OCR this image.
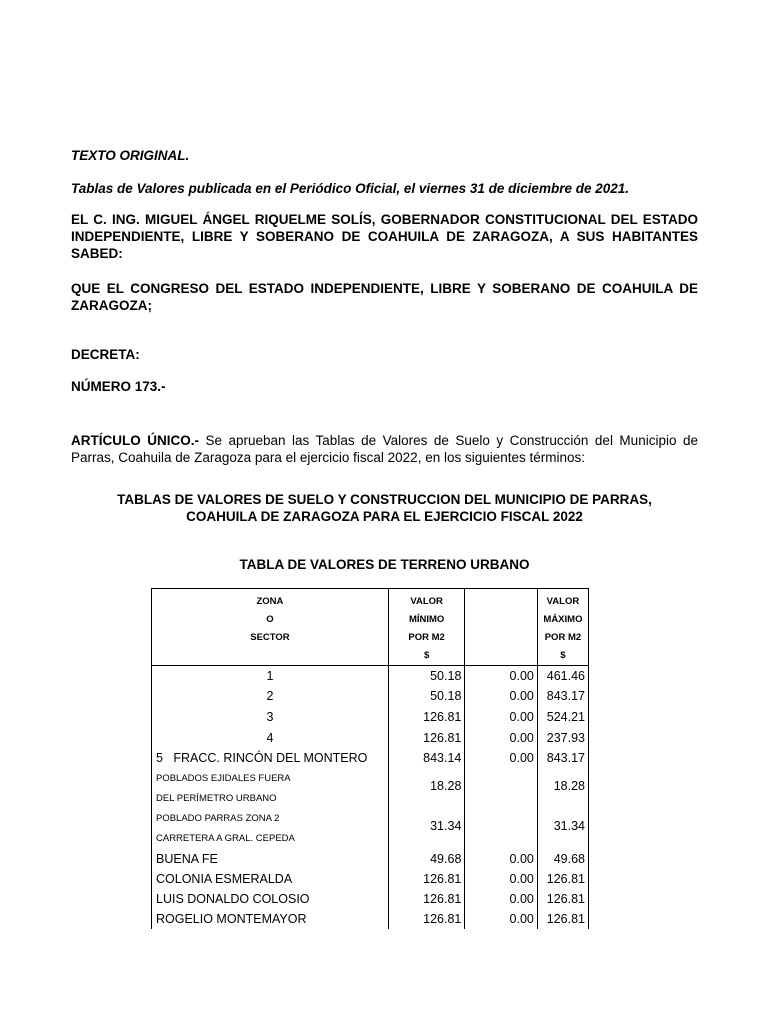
TEXTO ORIGINAL.

Tablas de Valores publicada en el Periódico Oficial, el viernes 31 de diciembre de 2021.

EL C. ING. MIGUEL ÁNGEL RIQUELME SOLÍS, GOBERNADOR CONSTITUCIONAL DEL ESTADO INDEPENDIENTE, LIBRE Y SOBERANO DE COAHUILA DE ZARAGOZA, A SUS HABITANTES SABED:

QUE EL CONGRESO DEL ESTADO INDEPENDIENTE, LIBRE Y SOBERANO DE COAHUILA DE ZARAGOZA;

DECRETA:

NÚMERO 173.-

ARTÍCULO ÚNICO.- Se aprueban las Tablas de Valores de Suelo y Construcción del Municipio de Parras, Coahuila de Zaragoza para el ejercicio fiscal 2022, en los siguientes términos:

TABLAS DE VALORES DE SUELO Y CONSTRUCCION DEL MUNICIPIO DE PARRAS,
COAHUILA DE ZARAGOZA PARA EL EJERCICIO FISCAL 2022

TABLA DE VALORES DE TERRENO URBANO

ZONA
O
SECTOR	VALOR
MÍNIMO
POR M2
$		VALOR
MÁXIMO
POR M2
$

1	50.18	0.00	461.46
2	50.18	0.00	843.17
3	126.81	0.00	524.21
4	126.81	0.00	237.93
5   FRACC. RINCÓN DEL MONTERO	843.14	0.00	843.17

POBLADOS EJIDALES FUERA
DEL PERÍMETRO URBANO	18.28		18.28

POBLADO PARRAS ZONA 2
CARRETERA A GRAL. CEPEDA	31.34		31.34

BUENA FE	49.68	0.00	49.68
COLONIA ESMERALDA	126.81	0.00	126.81
LUIS DONALDO COLOSIO	126.81	0.00	126.81
ROGELIO MONTEMAYOR	126.81	0.00	126.81
